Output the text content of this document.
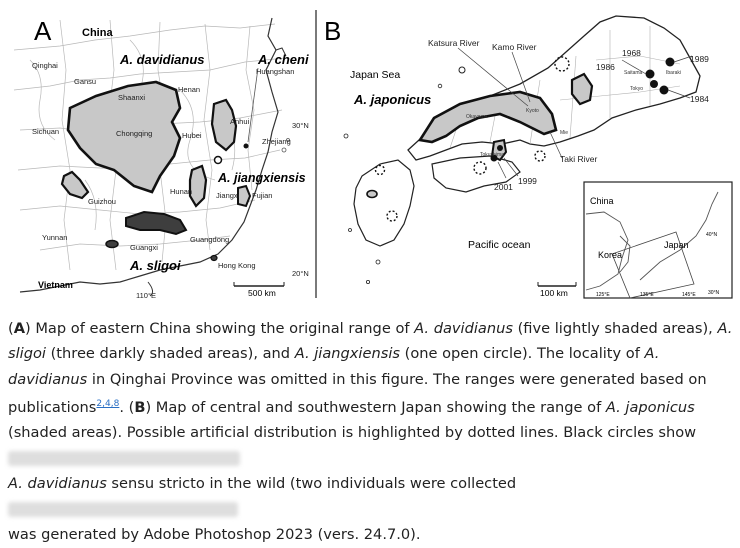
A	China
A. davidianus	A. cheni
A. jiangxiensis
A. sligoi
Qinghai
Gansu
Henan
Shaanxi
Sichuan	Chongqing	Hubei
Anhui
Zhejiang
Huangshan
Guizhou
Hunan	Jiangxi Fujian
Yunnan
Guangxi
Guangdong
Hong Kong
30°N
20°N
110°E
Vietnam
500 km
B
Japan Sea
A. japonicus
Pacific ocean
Katsura River Kamo River
Taki River
1968
1986
1989
1984
2001
1999
Okayama
Kyoto
Mie
Tokushima
Saitama	Ibaraki
Tokyo
100 km
China
Korea
Japan
40°N
30°N
125°E	135°E	145°E
(A) Map of eastern China showing the original range of A. davidianus (five lightly shaded areas), A. sligoi (three darkly shaded areas), and A. jiangxiensis (one open circle). The locality of A. davidianus in Qinghai Province was omitted in this figure. The ranges were generated based on publications$^{2,4,8}$. (B) Map of central and southwestern Japan showing the range of A. japonicus (shaded areas). Possible artificial distribution is highlighted by dotted lines. Black circles show
A. davidianus sensu stricto in the wild (two individuals were collected
was generated by Adobe Photoshop 2023 (vers. 24.7.0).
